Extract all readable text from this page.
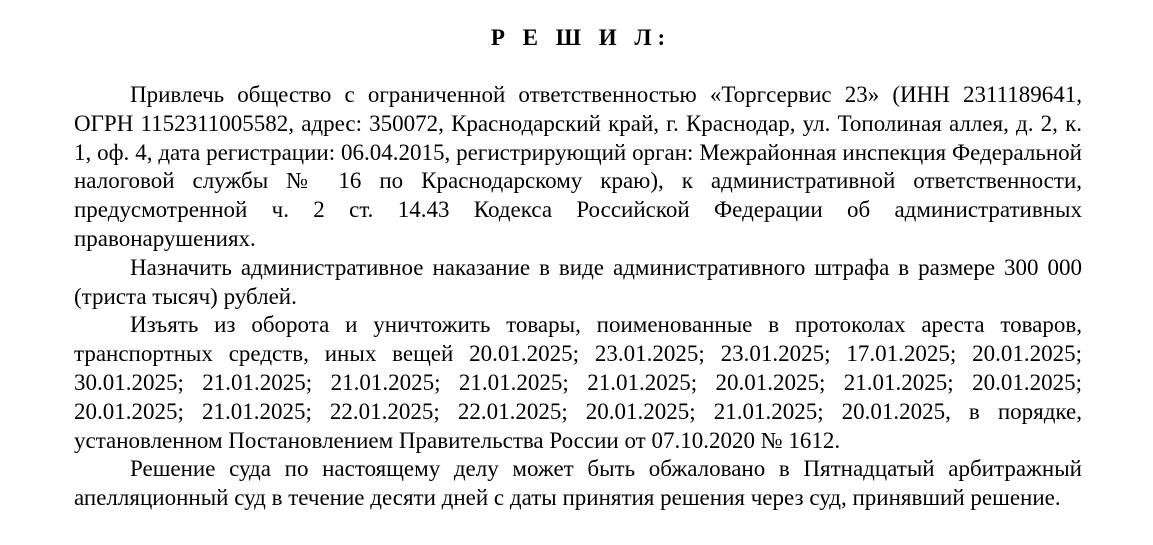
Р Е Ш И Л:

Привлечь общество с ограниченной ответственностью «Торгсервис 23» (ИНН 2311189641, ОГРН 1152311005582, адрес: 350072, Краснодарский край, г. Краснодар, ул. Тополиная аллея, д. 2, к. 1, оф. 4, дата регистрации: 06.04.2015, регистрирующий орган: Межрайонная инспекция Федеральной налоговой службы № 16 по Краснодарскому краю), к административной ответственности, предусмотренной ч. 2 ст. 14.43 Кодекса Российской Федерации об административных правонарушениях.

Назначить административное наказание в виде административного штрафа в размере 300 000 (триста тысяч) рублей.

Изъять из оборота и уничтожить товары, поименованные в протоколах ареста товаров, транспортных средств, иных вещей 20.01.2025; 23.01.2025; 23.01.2025; 17.01.2025; 20.01.2025; 30.01.2025; 21.01.2025; 21.01.2025; 21.01.2025; 21.01.2025; 20.01.2025; 21.01.2025; 20.01.2025; 20.01.2025; 21.01.2025; 22.01.2025; 22.01.2025; 20.01.2025; 21.01.2025; 20.01.2025, в порядке, установленном Постановлением Правительства России от 07.10.2020 № 1612.

Решение суда по настоящему делу может быть обжаловано в Пятнадцатый арбитражный апелляционный суд в течение десяти дней с даты принятия решения через суд, принявший решение.
